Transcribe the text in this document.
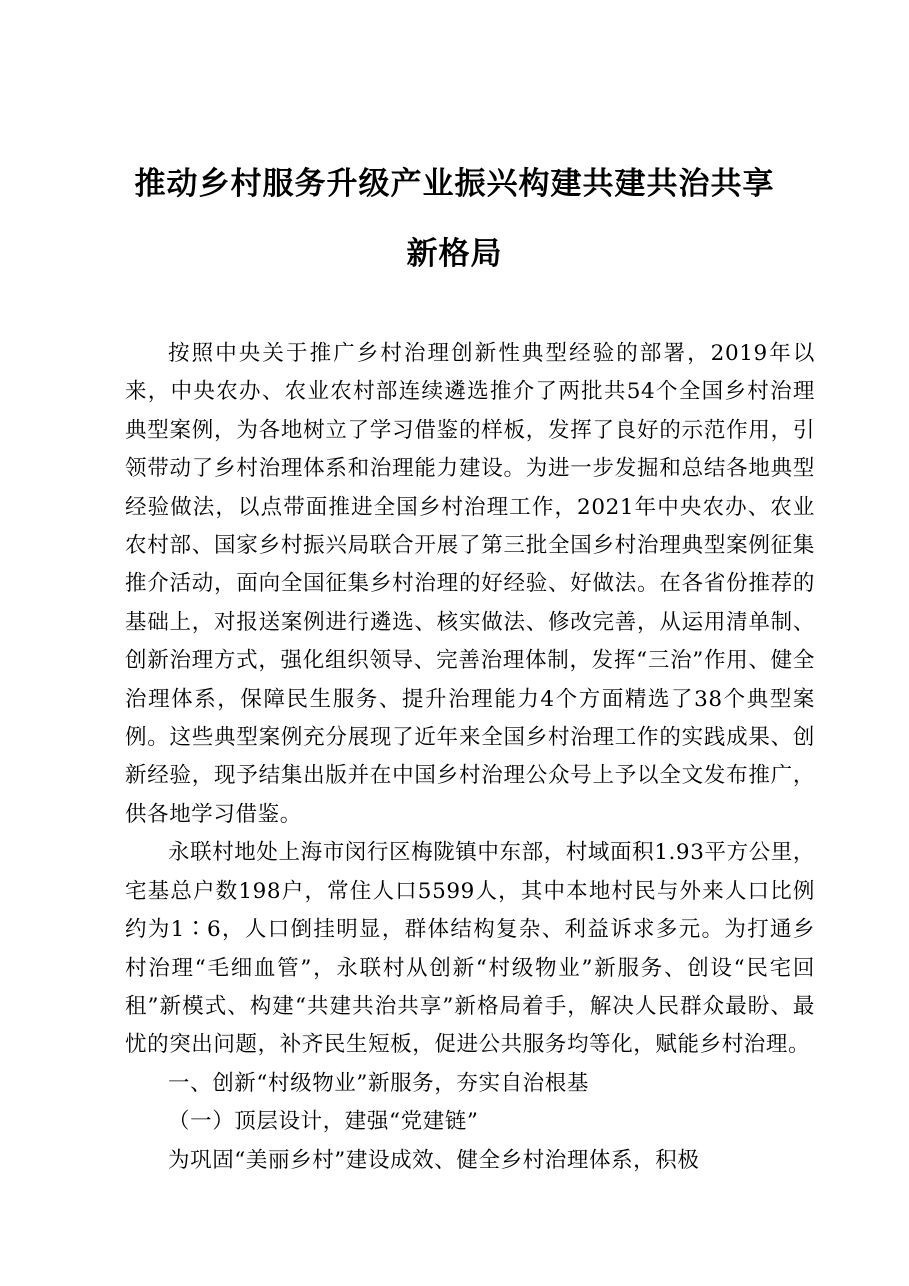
推动乡村服务升级产业振兴构建共建共治共享
新格局

按照中央关于推广乡村治理创新性典型经验的部署，2019年以来，中央农办、农业农村部连续遴选推介了两批共54个全国乡村治理典型案例，为各地树立了学习借鉴的样板，发挥了良好的示范作用，引领带动了乡村治理体系和治理能力建设。为进一步发掘和总结各地典型经验做法，以点带面推进全国乡村治理工作，2021年中央农办、农业农村部、国家乡村振兴局联合开展了第三批全国乡村治理典型案例征集推介活动，面向全国征集乡村治理的好经验、好做法。在各省份推荐的基础上，对报送案例进行遴选、核实做法、修改完善，从运用清单制、创新治理方式，强化组织领导、完善治理体制，发挥“三治”作用、健全治理体系，保障民生服务、提升治理能力4个方面精选了38个典型案例。这些典型案例充分展现了近年来全国乡村治理工作的实践成果、创新经验，现予结集出版并在中国乡村治理公众号上予以全文发布推广，供各地学习借鉴。

永联村地处上海市闵行区梅陇镇中东部，村域面积1.93平方公里，宅基总户数198户，常住人口5599人，其中本地村民与外来人口比例约为1∶6，人口倒挂明显，群体结构复杂、利益诉求多元。为打通乡村治理“毛细血管”，永联村从创新“村级物业”新服务、创设“民宅回租”新模式、构建“共建共治共享”新格局着手，解决人民群众最盼、最忧的突出问题，补齐民生短板，促进公共服务均等化，赋能乡村治理。

一、创新“村级物业”新服务，夯实自治根基

（一）顶层设计，建强“党建链”

为巩固“美丽乡村”建设成效、健全乡村治理体系，积极
